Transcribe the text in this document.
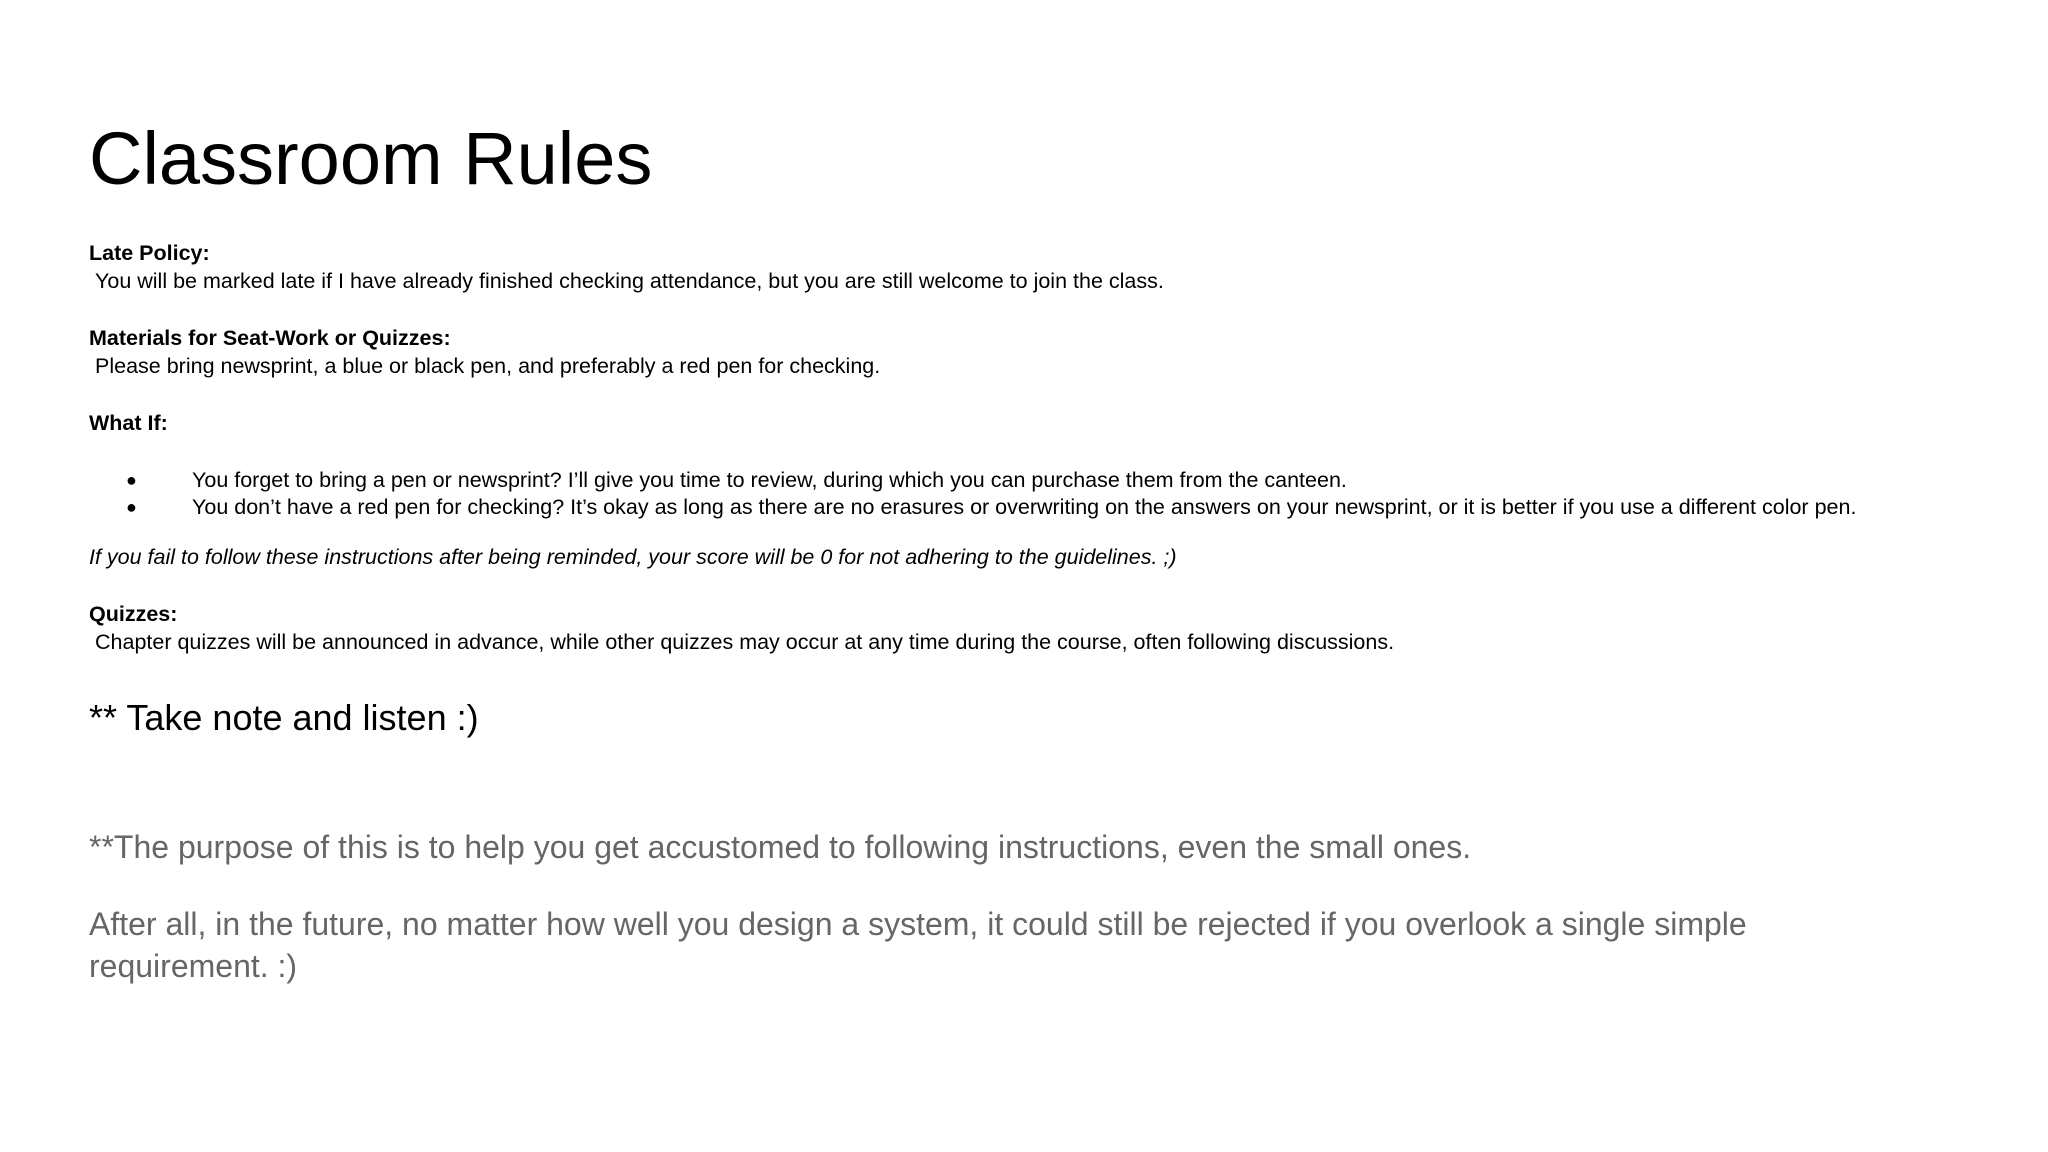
Classroom Rules

Late Policy:

You will be marked late if I have already finished checking attendance, but you are still welcome to join the class.

Materials for Seat-Work or Quizzes:

Please bring newsprint, a blue or black pen, and preferably a red pen for checking.

What If:

●	You forget to bring a pen or newsprint? I’ll give you time to review, during which you can purchase them from the canteen.
●	You don’t have a red pen for checking? It’s okay as long as there are no erasures or overwriting on the answers on your newsprint, or it is better if you use a different color pen.

If you fail to follow these instructions after being reminded, your score will be 0 for not adhering to the guidelines. ;)

Quizzes:

Chapter quizzes will be announced in advance, while other quizzes may occur at any time during the course, often following discussions.

** Take note and listen :)

**The purpose of this is to help you get accustomed to following instructions, even the small ones.

After all, in the future, no matter how well you design a system, it could still be rejected if you overlook a single simple requirement. :)
